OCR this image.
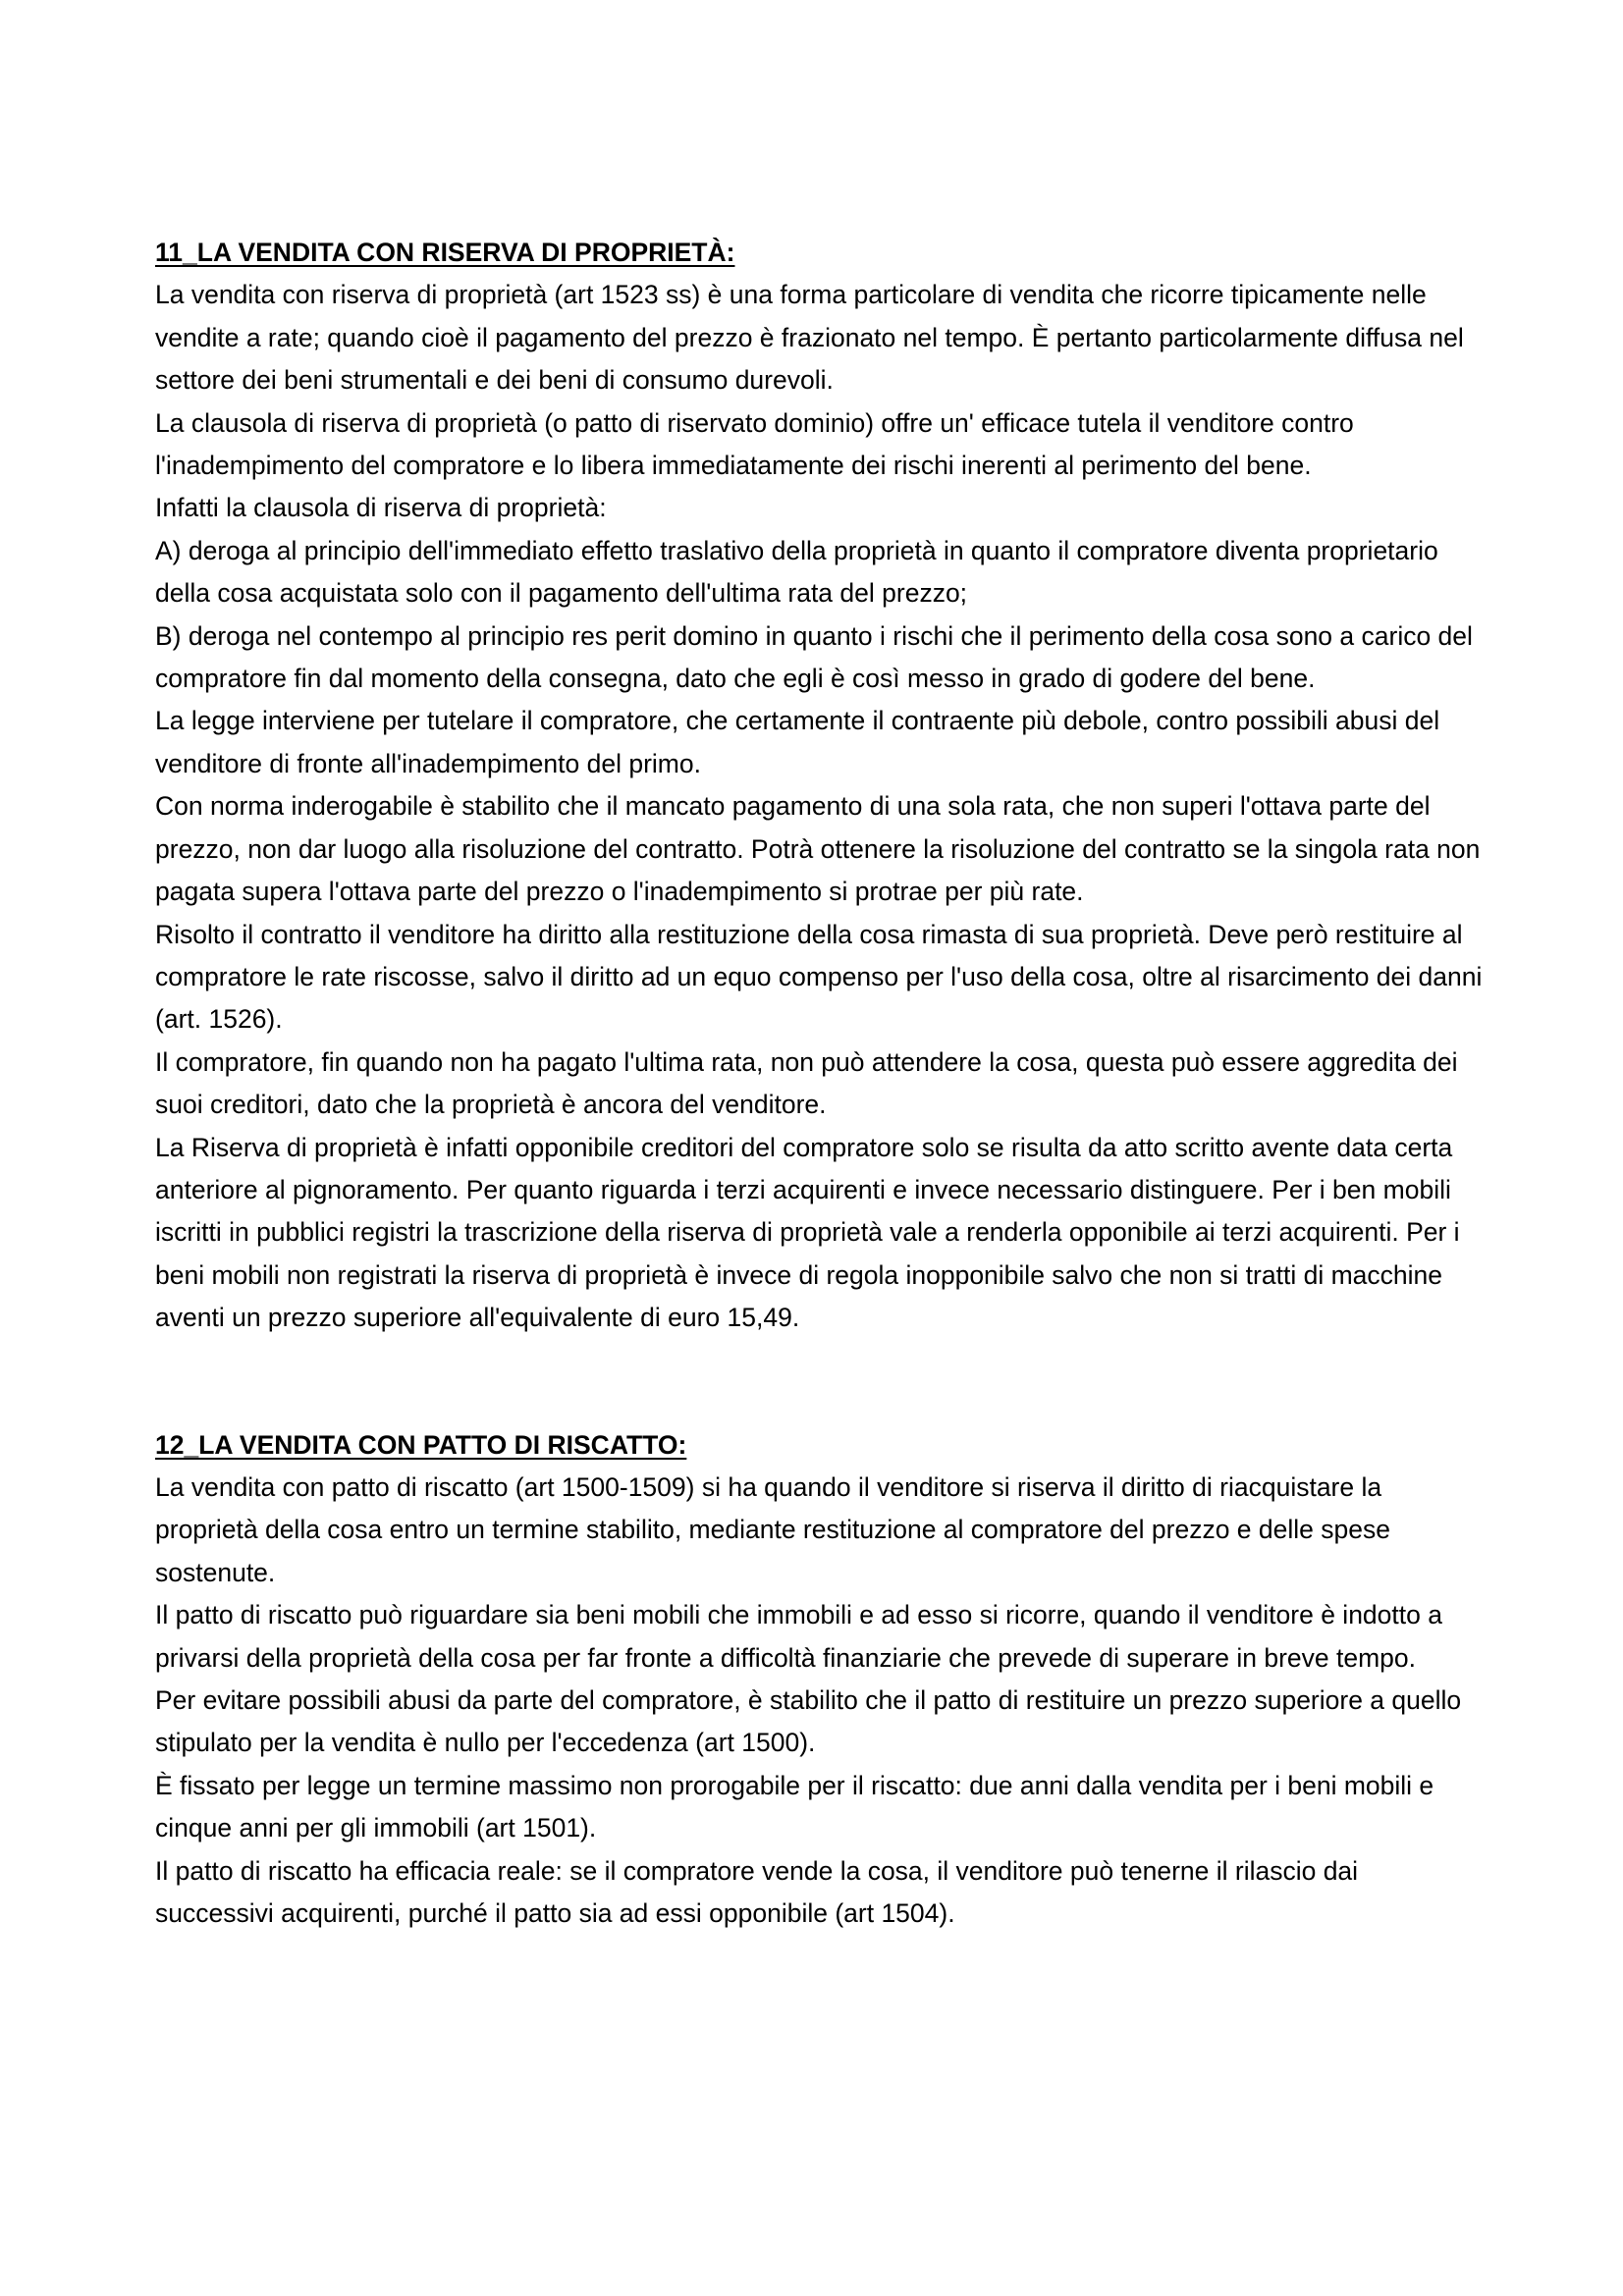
11_LA VENDITA CON RISERVA DI PROPRIETÀ:

La vendita con riserva di proprietà (art 1523 ss) è una forma particolare di vendita che ricorre tipicamente nelle vendite a rate; quando cioè il pagamento del prezzo è frazionato nel tempo. È pertanto particolarmente diffusa nel settore dei beni strumentali e dei beni di consumo durevoli.

La clausola di riserva di proprietà (o patto di riservato dominio) offre un' efficace tutela il venditore contro l'inadempimento del compratore e lo libera immediatamente dei rischi inerenti al perimento del bene.

Infatti la clausola di riserva di proprietà:

A) deroga al principio dell'immediato effetto traslativo della proprietà in quanto il compratore diventa proprietario della cosa acquistata solo con il pagamento dell'ultima rata del prezzo;

B) deroga nel contempo al principio res perit domino in quanto i rischi che il perimento della cosa sono a carico del compratore fin dal momento della consegna, dato che egli è così messo in grado di godere del bene.

La legge interviene per tutelare il compratore, che certamente il contraente più debole, contro possibili abusi del venditore di fronte all'inadempimento del primo.

Con norma inderogabile è stabilito che il mancato pagamento di una sola rata, che non superi l'ottava parte del prezzo, non dar luogo alla risoluzione del contratto. Potrà ottenere la risoluzione del contratto se la singola rata non pagata supera l'ottava parte del prezzo o l'inadempimento si protrae per più rate.

Risolto il contratto il venditore ha diritto alla restituzione della cosa rimasta di sua proprietà. Deve però restituire al compratore le rate riscosse, salvo il diritto ad un equo compenso per l'uso della cosa, oltre al risarcimento dei danni (art. 1526).

Il compratore, fin quando non ha pagato l'ultima rata, non può attendere la cosa, questa può essere aggredita dei suoi creditori, dato che la proprietà è ancora del venditore.

La Riserva di proprietà è infatti opponibile creditori del compratore solo se risulta da atto scritto avente data certa anteriore al pignoramento. Per quanto riguarda i terzi acquirenti e invece necessario distinguere. Per i ben mobili iscritti in pubblici registri la trascrizione della riserva di proprietà vale a renderla opponibile ai terzi acquirenti. Per i beni mobili non registrati la riserva di proprietà è invece di regola inopponibile salvo che non si tratti di macchine aventi un prezzo superiore all'equivalente di euro 15,49.

12_LA VENDITA CON PATTO DI RISCATTO:

La vendita con patto di riscatto (art 1500-1509) si ha quando il venditore si riserva il diritto di riacquistare la proprietà della cosa entro un termine stabilito, mediante restituzione al compratore del prezzo e delle spese sostenute.

Il patto di riscatto può riguardare sia beni mobili che immobili e ad esso si ricorre, quando il venditore è indotto a privarsi della proprietà della cosa per far fronte a difficoltà finanziarie che prevede di superare in breve tempo.

Per evitare possibili abusi da parte del compratore, è stabilito che il patto di restituire un prezzo superiore a quello stipulato per la vendita è nullo per l'eccedenza (art 1500).

È fissato per legge un termine massimo non prorogabile per il riscatto: due anni dalla vendita per i beni mobili e cinque anni per gli immobili (art 1501).

Il patto di riscatto ha efficacia reale: se il compratore vende la cosa, il venditore può tenerne il rilascio dai successivi acquirenti, purché il patto sia ad essi opponibile (art 1504).
